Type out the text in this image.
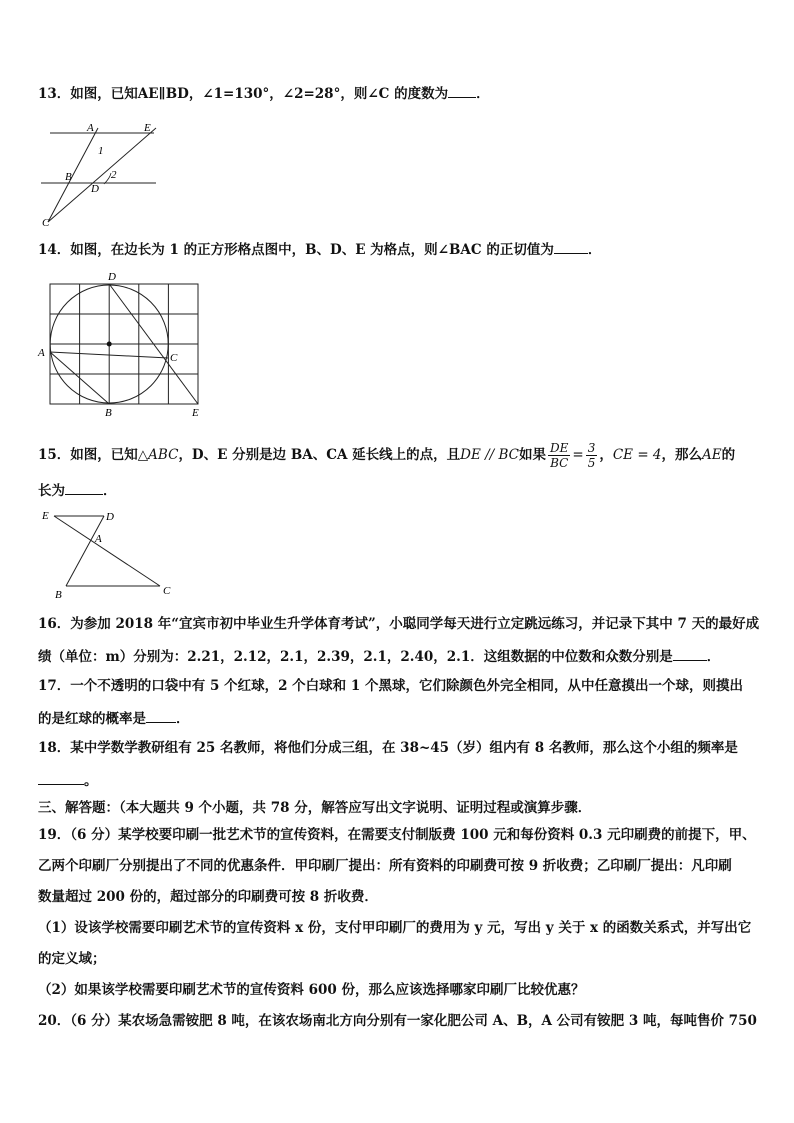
13．如图，已知AE∥BD，∠1=130°，∠2=28°，则∠C 的度数为 ．
A	E
1
B
D
2
C
14．如图，在边长为 1 的正方形格点图中，B、D、E 为格点，则∠BAC 的正切值为	．
D
A	C
B	E
15．如图，已知△ABC，D、E 分别是边 BA、CA 延长线上的点，且DE // BC如果 $\frac{DE}{BC} = \frac{3}{5}$ ，CE = 4，那么AE的
长为	．
E	D
A
B	C
16．为参加 2018 年“宜宾市初中毕业生升学体育考试”，小聪同学每天进行立定跳远练习，并记录下其中 7 天的最好成
绩（单位：m）分别为：2.21，2.12，2.1，2.39，2.1，2.40，2.1．这组数据的中位数和众数分别是	．
17．一个不透明的口袋中有 5 个红球，2 个白球和 1 个黑球，它们除颜色外完全相同，从中任意摸出一个球，则摸出
的是红球的概率是 ．
18．某中学数学教研组有 25 名教师，将他们分成三组，在 38~45（岁）组内有 8 名教师，那么这个小组的频率是
。
三、解答题：（本大题共 9 个小题，共 78 分，解答应写出文字说明、证明过程或演算步骤．
19．（6 分）某学校要印刷一批艺术节的宣传资料，在需要支付制版费 100 元和每份资料 0.3 元印刷费的前提下，甲、
乙两个印刷厂分别提出了不同的优惠条件．甲印刷厂提出：所有资料的印刷费可按 9 折收费；乙印刷厂提出：凡印刷
数量超过 200 份的，超过部分的印刷费可按 8 折收费．
（1）设该学校需要印刷艺术节的宣传资料 x 份，支付甲印刷厂的费用为 y 元，写出 y 关于 x 的函数关系式，并写出它
的定义域；
（2）如果该学校需要印刷艺术节的宣传资料 600 份，那么应该选择哪家印刷厂比较优惠？
20．（6 分）某农场急需铵肥 8 吨，在该农场南北方向分别有一家化肥公司 A、B，A 公司有铵肥 3 吨，每吨售价 750
